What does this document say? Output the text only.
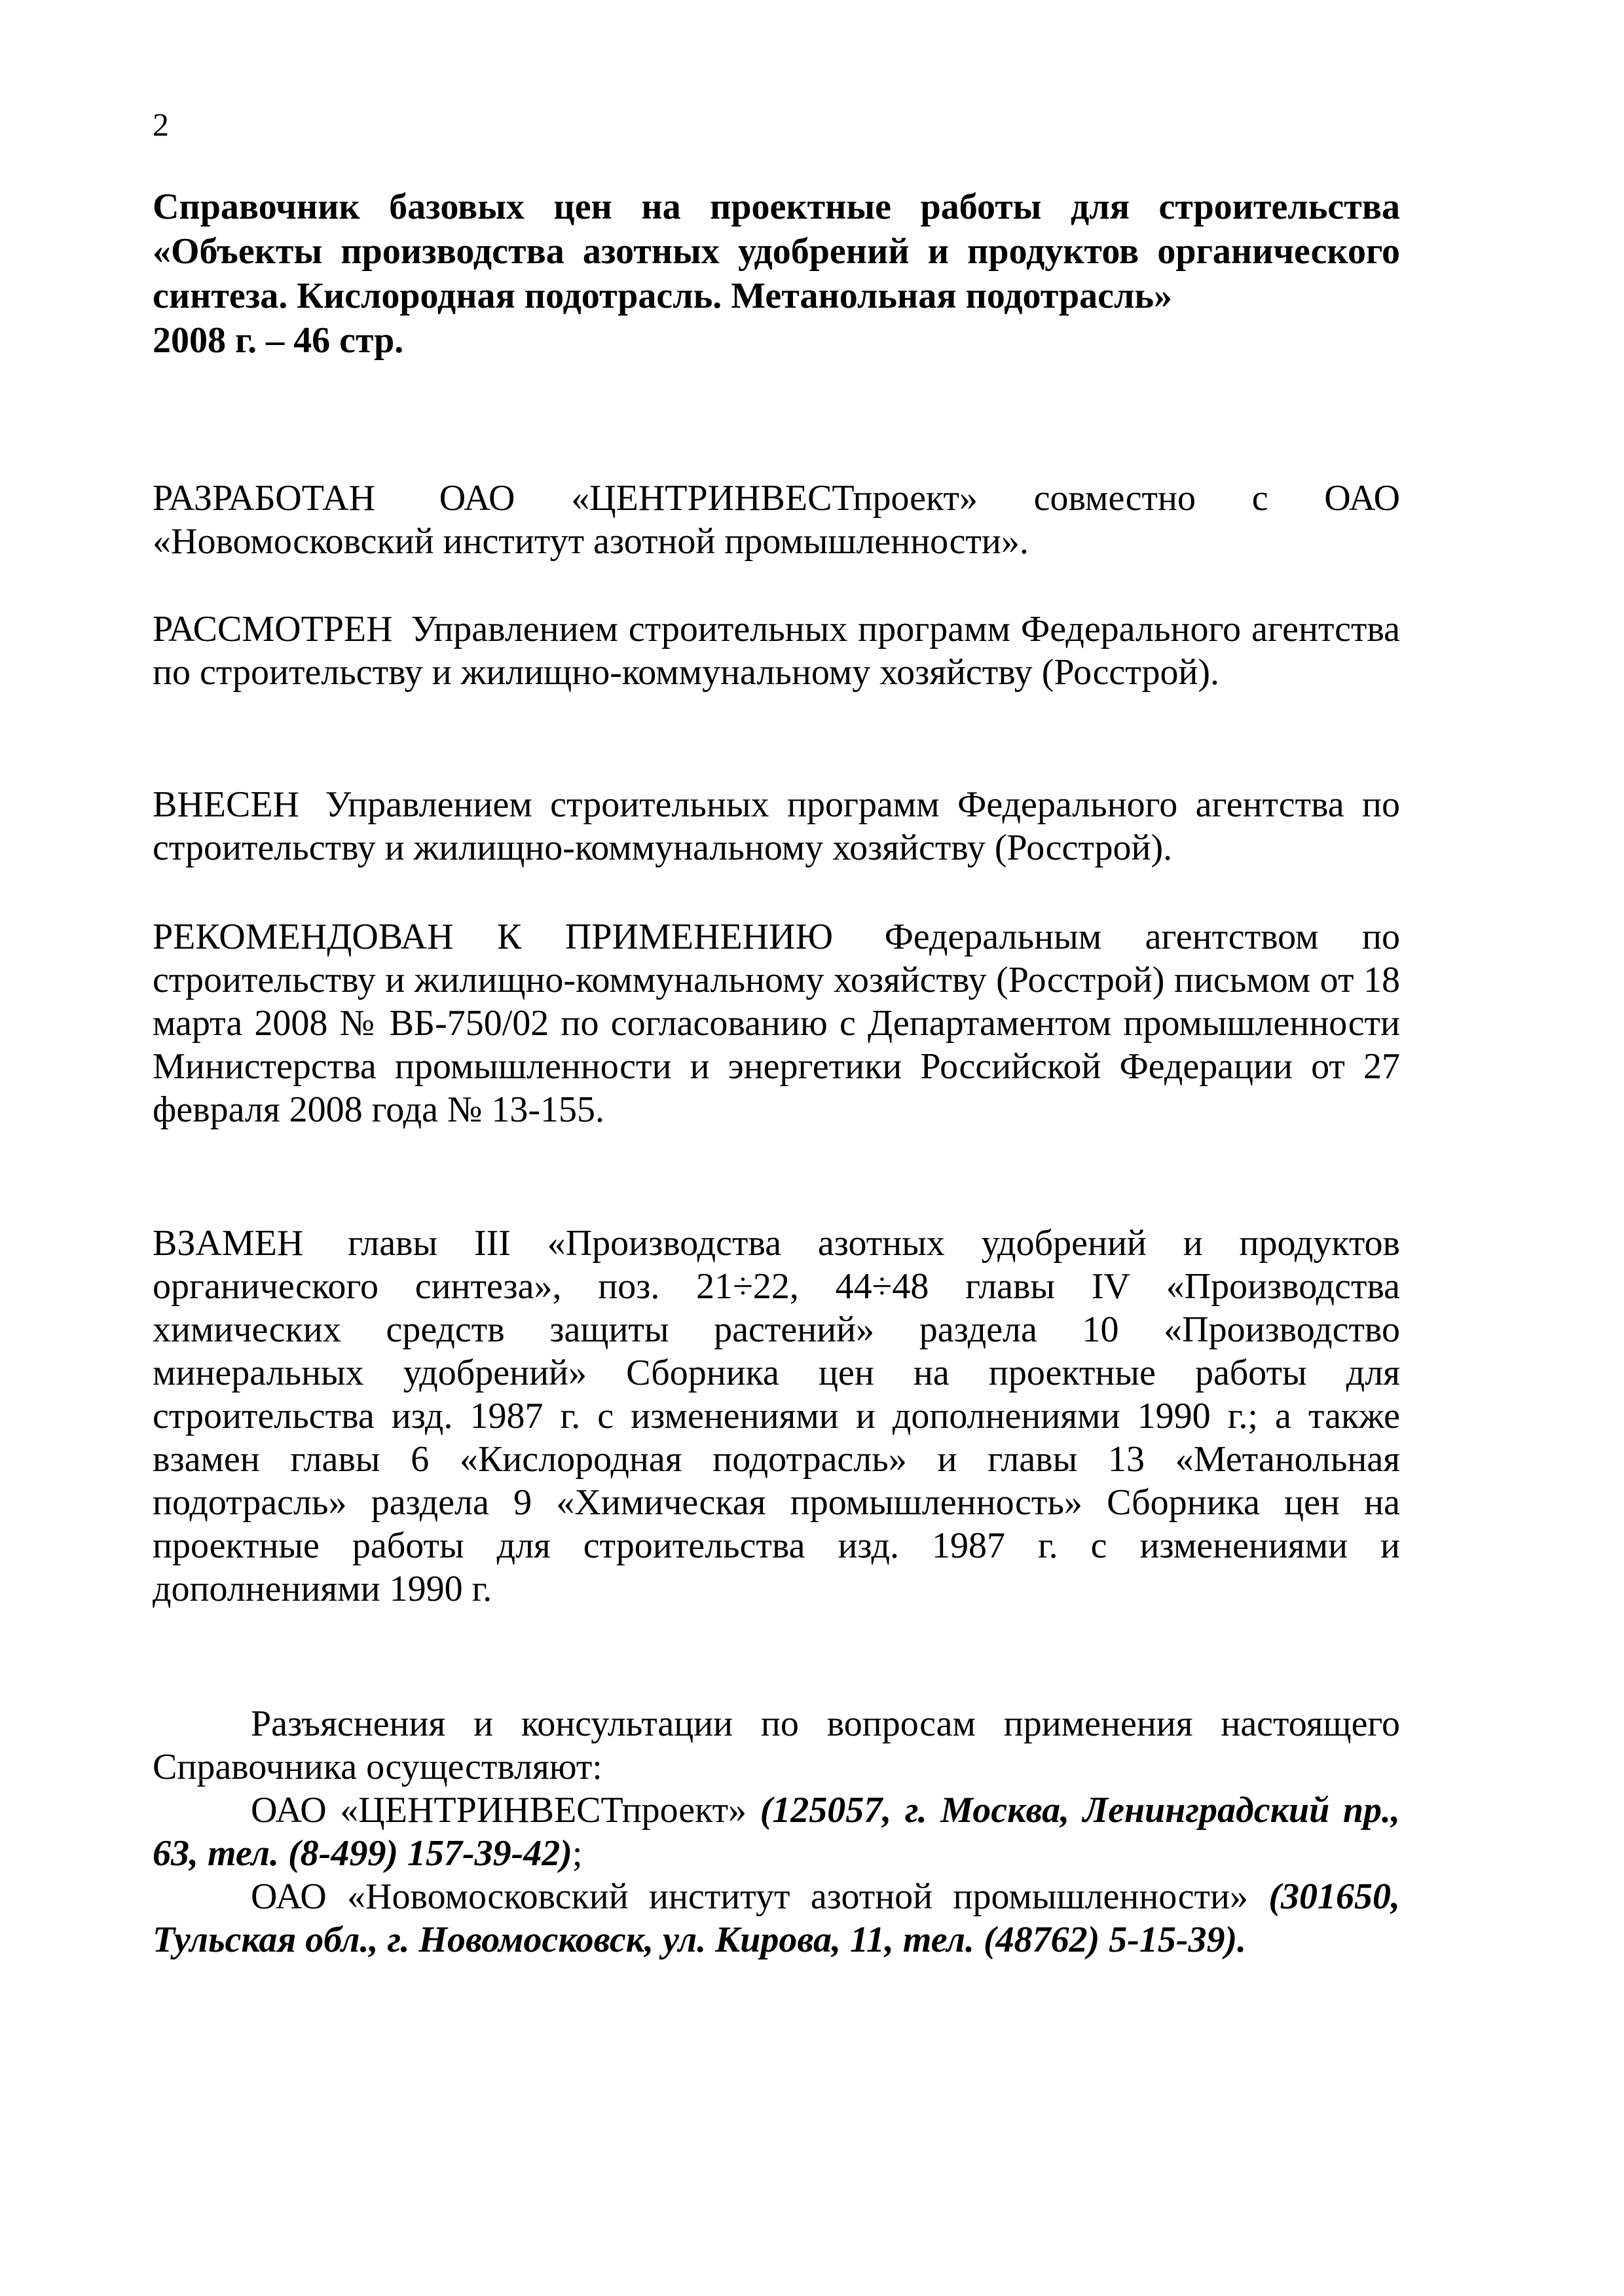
2
Справочник базовых цен на проектные работы для строительства «Объекты производства азотных удобрений и продуктов органического синтеза. Кислородная подотрасль. Метанольная подотрасль»
2008 г. – 46 стр.
РАЗРАБОТАН ОАО «ЦЕНТРИНВЕСТпроект» совместно с ОАО «Новомосковский институт азотной промышленности».
РАССМОТРЕН Управлением строительных программ Федерального агентства по строительству и жилищно-коммунальному хозяйству (Росстрой).
ВНЕСЕН Управлением строительных программ Федерального агентства по строительству и жилищно-коммунальному хозяйству (Росстрой).
РЕКОМЕНДОВАН К ПРИМЕНЕНИЮ Федеральным агентством по строительству и жилищно-коммунальному хозяйству (Росстрой) письмом от 18 марта 2008 № ВБ-750/02 по согласованию с Департаментом промышленности Министерства промышленности и энергетики Российской Федерации от 27 февраля 2008 года № 13-155.
ВЗАМЕН главы III «Производства азотных удобрений и продуктов органического синтеза», поз. 21÷22, 44÷48 главы IV «Производства химических средств защиты растений» раздела 10 «Производство минеральных удобрений» Сборника цен на проектные работы для строительства изд. 1987 г. с изменениями и дополнениями 1990 г.; а также взамен главы 6 «Кислородная подотрасль» и главы 13 «Метанольная подотрасль» раздела 9 «Химическая промышленность» Сборника цен на проектные работы для строительства изд. 1987 г. с изменениями и дополнениями 1990 г.
Разъяснения и консультации по вопросам применения настоящего Справочника осуществляют:
ОАО «ЦЕНТРИНВЕСТпроект» (125057, г. Москва, Ленинградский пр., 63, тел. (8-499) 157-39-42);
ОАО «Новомосковский институт азотной промышленности» (301650, Тульская обл., г. Новомосковск, ул. Кирова, 11, тел. (48762) 5-15-39).
